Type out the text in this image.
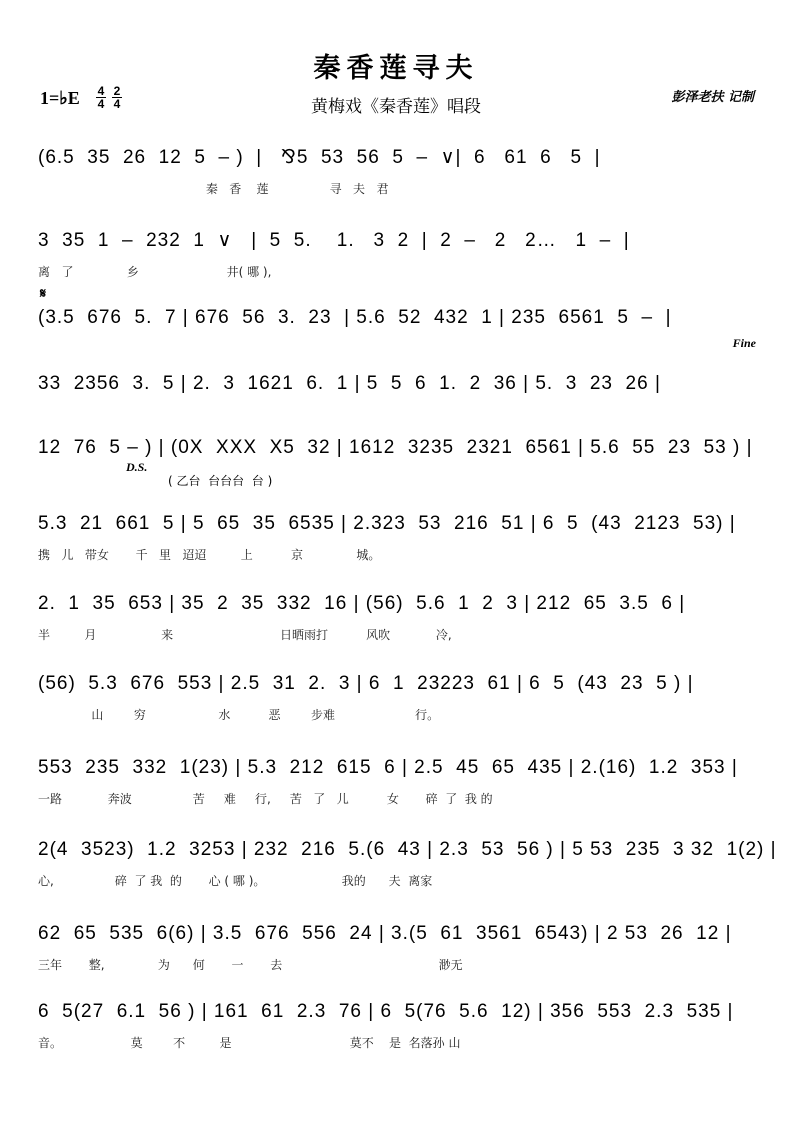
秦香莲寻夫
1=♭E $\frac{4}{4} \frac{2}{4}$	黄梅戏《秦香莲》唱段	彭泽老扶 记制
𝄋
(6.5  35  26  12  5  – )  |   ⅋5  53  56  5  –  ∨|  6   61  6   5  |
秦   香    莲                寻   夫   君
3  35  1  –  232  1  ∨   |  5  5.    1.   3  2  |  2  –   2   2…   1  –  |
离   了              乡                       井( 哪 ),
(3.5  676  5.  7 | 676  56  3.  23  | 5.6  52  432  1 | 235  6561  5  –  |
Fine
33  2356  3.  5 | 2.  3  1621  6.  1 | 5  5  6  1.  2  36 | 5.  3  23  26 |
12  76  5 – ) | (0X  XXX  X5  32 | 1612  3235  2321  6561 | 5.6  55  23  53 ) |
D.S.
( 乙台  台台台  台 )
5.3  21  661  5 | 5  65  35  6535 | 2.323  53  216  51 | 6  5  (43  2123  53) |
携   儿   带女       千   里   迢迢         上          京              城。
2.  1  35  653 | 35  2  35  332  16 | (56)  5.6  1  2  3 | 212  65  3.5  6 |
半         月                 来                            日晒雨打          风吹            冷,
(56)  5.3  676  553 | 2.5  31  2.  3 | 6  1  23223  61 | 6  5  (43  23  5 ) |
山        穷                   水          恶        步难                     行。
553  235  332  1(23) | 5.3  212  615  6 | 2.5  45  65  435 | 2.(16)  1.2  353 |
一路            奔波                苦     难     行,     苦   了   儿          女       碎  了  我 的
2(4  3523)  1.2  3253 | 232  216  5.(6  43 | 2.3  53  56 ) | 5 53  235  3 32  1(2) |
心,                碎  了 我  的       心 ( 哪 )。                    我的      夫  离家
62  65  535  6(6) | 3.5  676  556  24 | 3.(5  61  3561  6543) | 2 53  26  12 |
三年       整,              为      何       一       去                                         渺无
6  5(27  6.1  56 ) | 161  61  2.3  76 | 6  5(76  5.6  12) | 356  553  2.3  535 |
音。                  莫        不         是                               莫不    是  名落孙 山
